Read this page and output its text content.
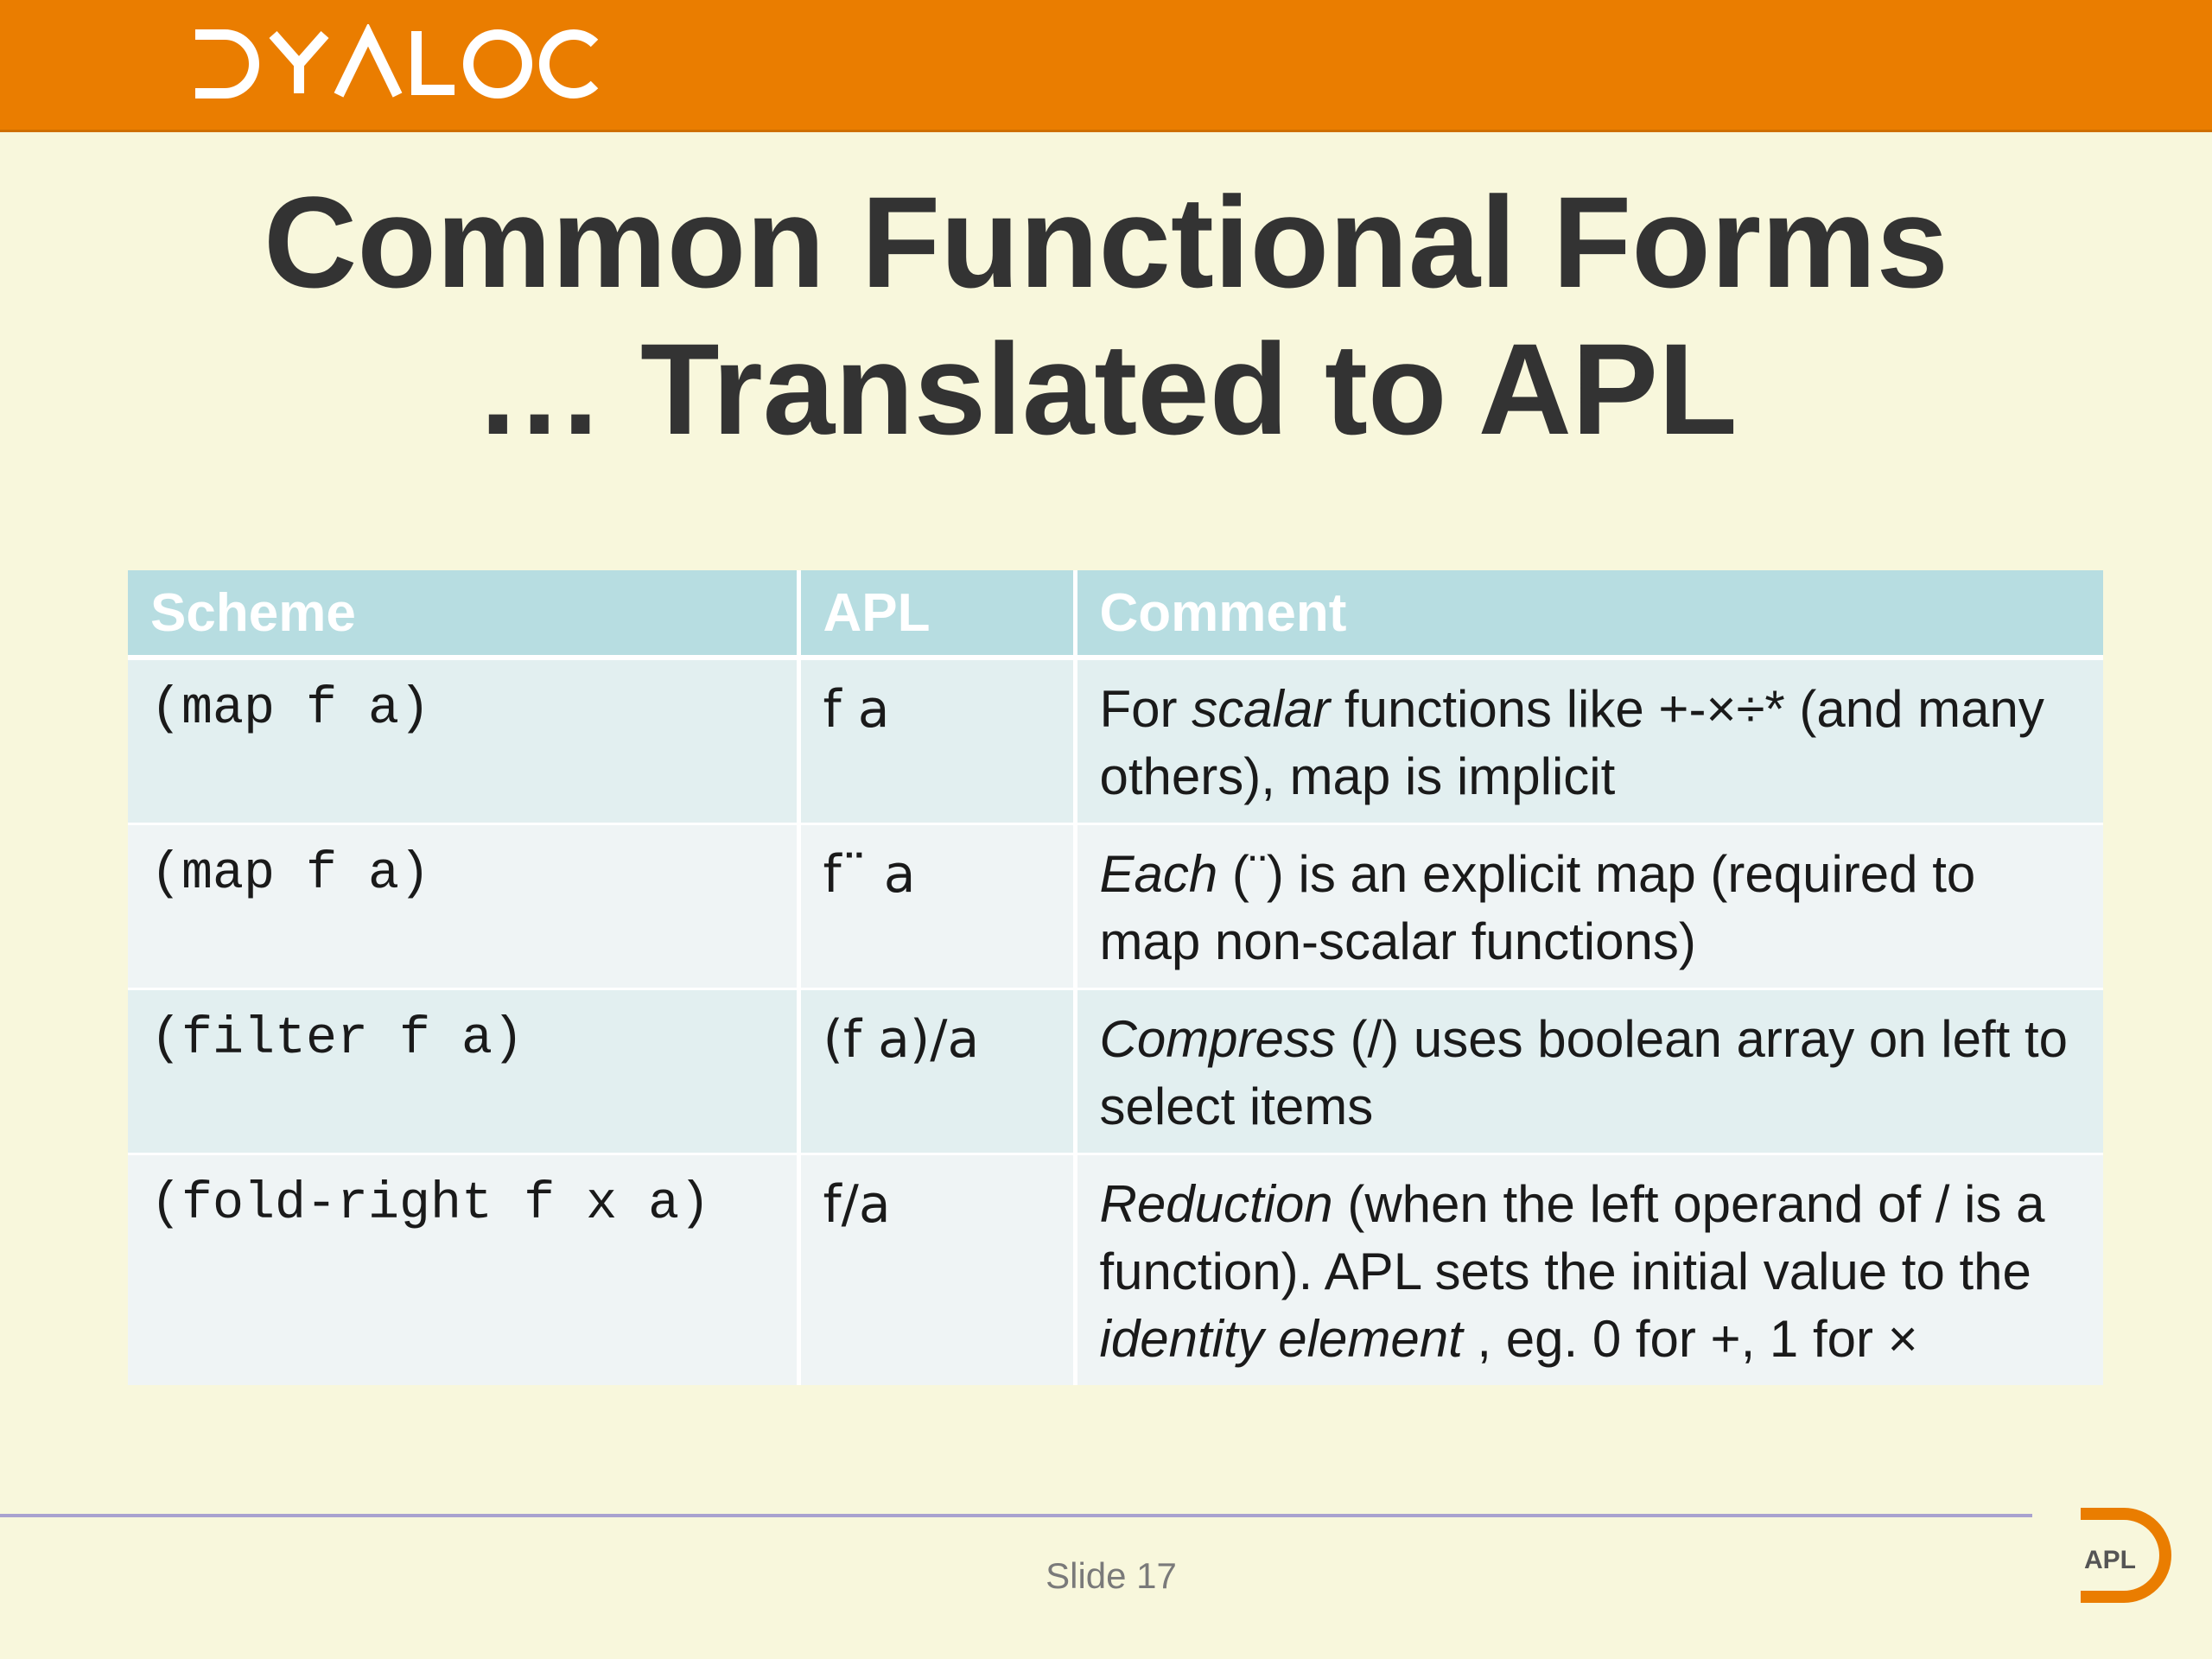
Common Functional Forms
… Translated to APL
Scheme	APL	Comment
(map f a)	f a	For scalar functions like +-×÷* (and many others), map is implicit
(map f a)	f¨ a	Each (¨) is an explicit map (required to map non-scalar functions)
(filter f a)	(f a)/a	Compress (/) uses boolean array on left to select items
(fold-right f x a)	f/a	Reduction (when the left operand of / is a function). APL sets the initial value to the identity element , eg. 0 for +, 1 for ×
Slide 17	APL
